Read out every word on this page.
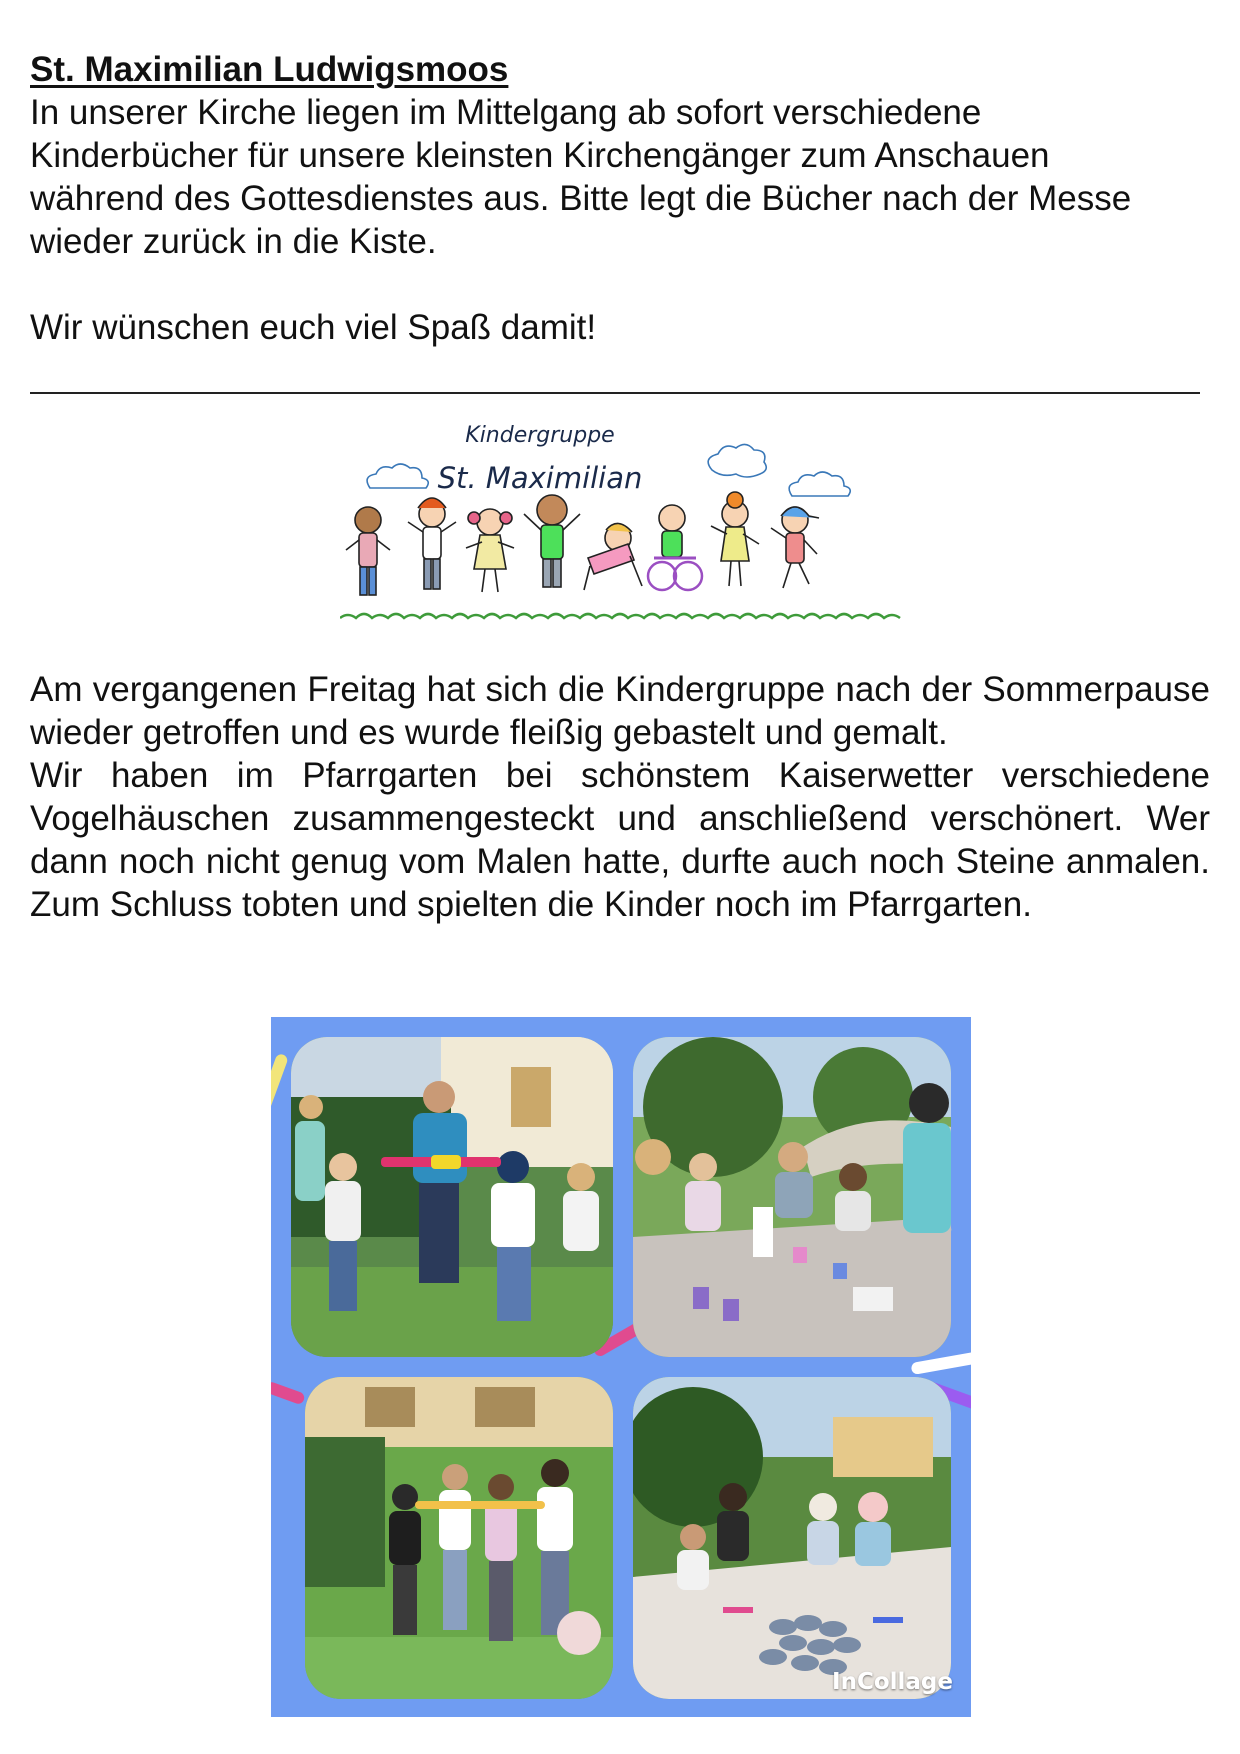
St. Maximilian Ludwigsmoos

In unserer Kirche liegen im Mittelgang ab sofort verschiedene

Kinderbücher für unsere kleinsten Kirchengänger zum Anschauen

während des Gottesdienstes aus. Bitte legt die Bücher nach der Messe

wieder zurück in die Kiste.

Wir wünschen euch viel Spaß damit!

Kindergruppe
St. Maximilian

Am vergangenen Freitag hat sich die Kindergruppe nach der Sommerpause wieder getroffen und es wurde fleißig gebastelt und gemalt.

Wir haben im Pfarrgarten bei schönstem Kaiserwetter verschiedene Vogelhäuschen zusammengesteckt und anschließend verschönert. Wer dann noch nicht genug vom Malen hatte, durfte auch noch Steine anmalen. Zum Schluss tobten und spielten die Kinder noch im Pfarrgarten.

InCollage
